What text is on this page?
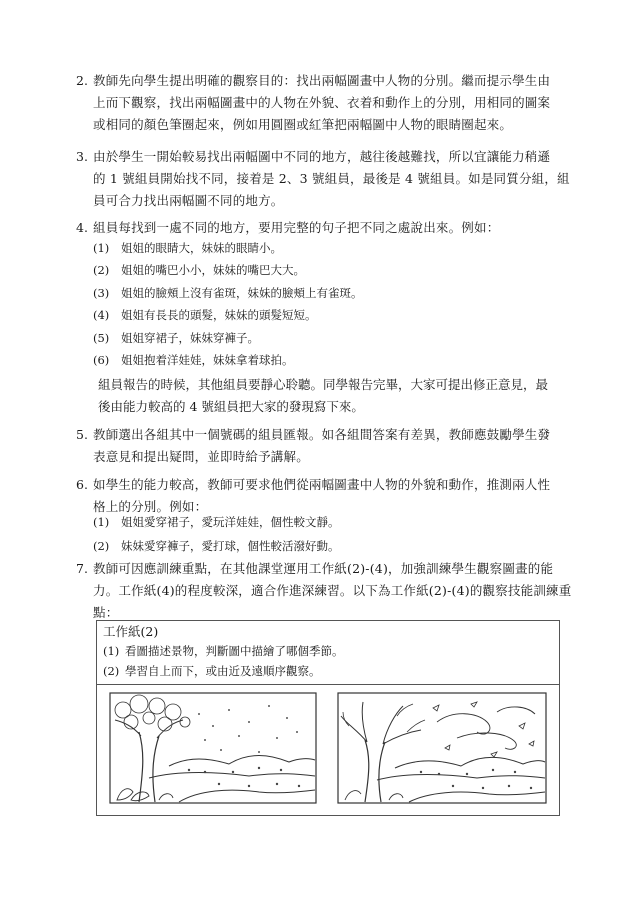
2. 教師先向學生提出明確的觀察目的：找出兩幅圖畫中人物的分別。繼而提示學生由
上而下觀察，找出兩幅圖畫中的人物在外貌、衣着和動作上的分別，用相同的圖案
或相同的顏色筆圈起來，例如用圓圈或紅筆把兩幅圖中人物的眼睛圈起來。
3. 由於學生一開始較易找出兩幅圖中不同的地方，越往後越難找，所以宜讓能力稍遜
的 1 號組員開始找不同，接着是 2、3 號組員，最後是 4 號組員。如是同質分組，組
員可合力找出兩幅圖不同的地方。
4. 組員每找到一處不同的地方，要用完整的句子把不同之處說出來。例如：
(1) 姐姐的眼睛大，妹妹的眼睛小。
(2) 姐姐的嘴巴小小，妹妹的嘴巴大大。
(3) 姐姐的臉頰上沒有雀斑，妹妹的臉頰上有雀斑。
(4) 姐姐有長長的頭髮，妹妹的頭髮短短。
(5) 姐姐穿裙子，妹妹穿褲子。
(6) 姐姐抱着洋娃娃，妹妹拿着球拍。
組員報告的時候，其他組員要靜心聆聽。同學報告完畢，大家可提出修正意見，最
後由能力較高的 4 號組員把大家的發現寫下來。
5. 教師選出各組其中一個號碼的組員匯報。如各組間答案有差異，教師應鼓勵學生發
表意見和提出疑問，並即時給予講解。
6. 如學生的能力較高，教師可要求他們從兩幅圖畫中人物的外貌和動作，推測兩人性
格上的分別。例如：
(1) 姐姐愛穿裙子，愛玩洋娃娃，個性較文靜。
(2) 妹妹愛穿褲子，愛打球，個性較活潑好動。
7. 教師可因應訓練重點，在其他課堂運用工作紙(2)-(4)，加強訓練學生觀察圖畫的能
力。工作紙(4)的程度較深，適合作進深練習。以下為工作紙(2)-(4)的觀察技能訓練重
點：
工作紙(2)
(1) 看圖描述景物，判斷圖中描繪了哪個季節。
(2) 學習自上而下，或由近及遠順序觀察。
